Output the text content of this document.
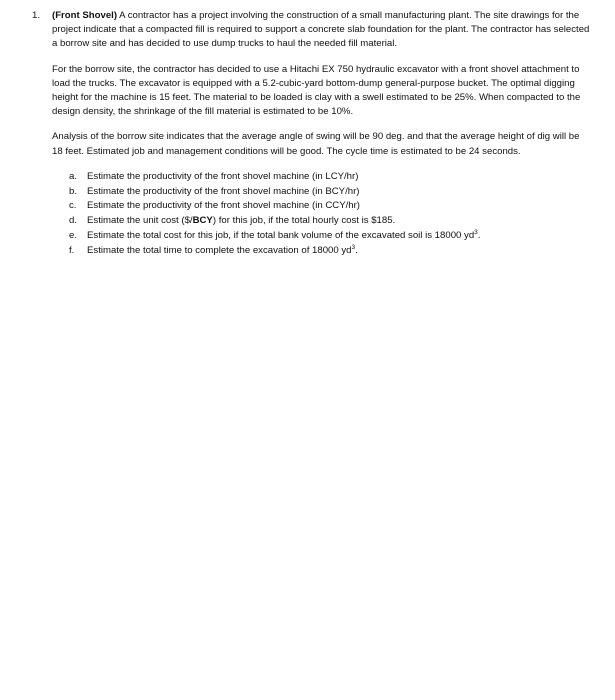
1.	(Front Shovel) A contractor has a project involving the construction of a small manufacturing plant. The site drawings for the project indicate that a compacted fill is required to support a concrete slab foundation for the plant. The contractor has selected a borrow site and has decided to use dump trucks to haul the needed fill material.

For the borrow site, the contractor has decided to use a Hitachi EX 750 hydraulic excavator with a front shovel attachment to load the trucks. The excavator is equipped with a 5.2-cubic-yard bottom-dump general-purpose bucket. The optimal digging height for the machine is 15 feet. The material to be loaded is clay with a swell estimated to be 25%. When compacted to the design density, the shrinkage of the fill material is estimated to be 10%.

Analysis of the borrow site indicates that the average angle of swing will be 90 deg. and that the average height of dig will be 18 feet. Estimated job and management conditions will be good. The cycle time is estimated to be 24 seconds.

a. Estimate the productivity of the front shovel machine (in LCY/hr)
b. Estimate the productivity of the front shovel machine (in BCY/hr)
c. Estimate the productivity of the front shovel machine (in CCY/hr)
d. Estimate the unit cost ($/BCY) for this job, if the total hourly cost is $185.
e. Estimate the total cost for this job, if the total bank volume of the excavated soil is 18000 $yd^3$.
f. Estimate the total time to complete the excavation of 18000 $yd^3$.
